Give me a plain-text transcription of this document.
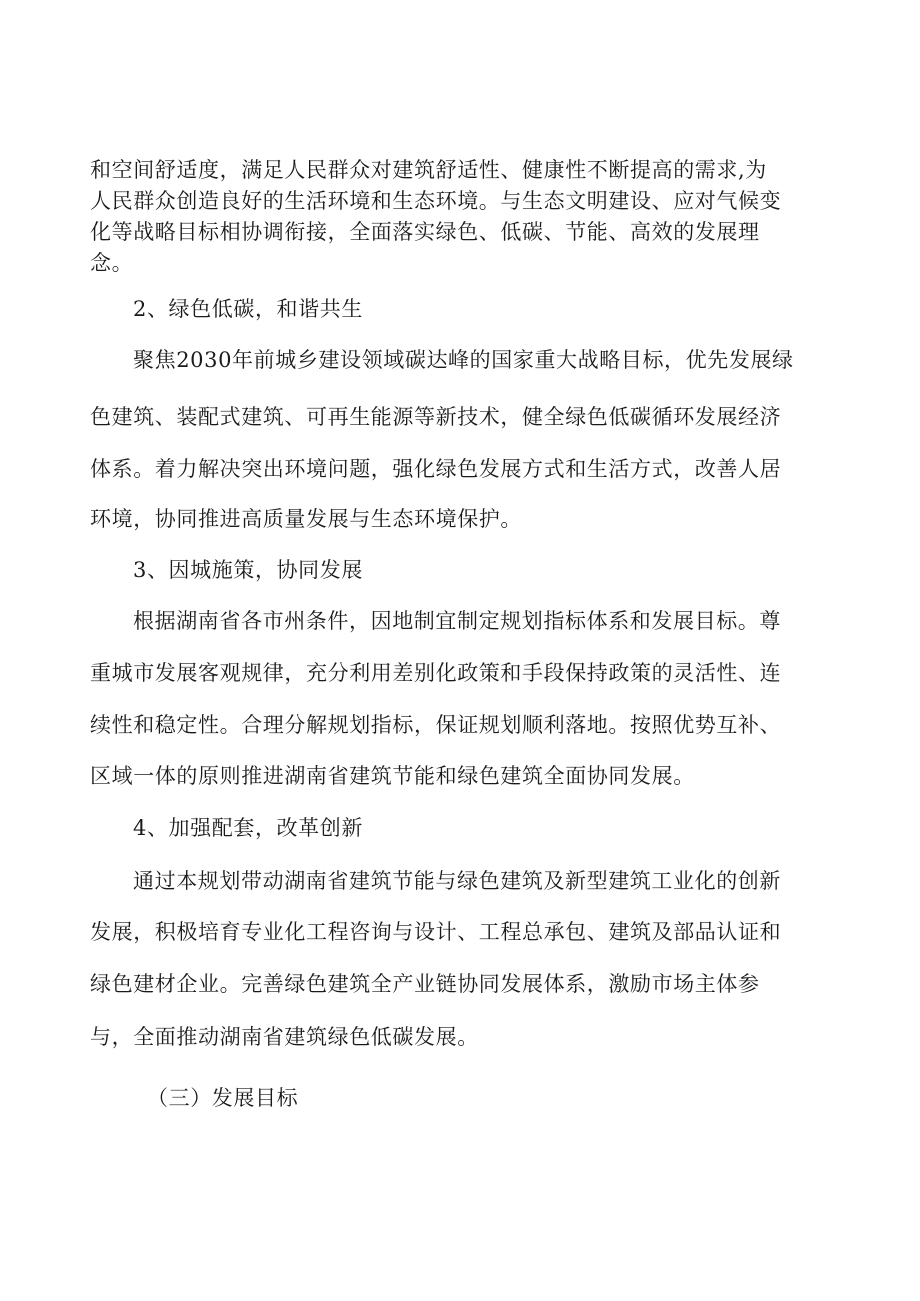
和空间舒适度，满足人民群众对建筑舒适性、健康性不断提高的需求,为
人民群众创造良好的生活环境和生态环境。与生态文明建设、应对气候变
化等战略目标相协调衔接，全面落实绿色、低碳、节能、高效的发展理
念。
2、绿色低碳，和谐共生
聚焦2030年前城乡建设领域碳达峰的国家重大战略目标，优先发展绿
色建筑、装配式建筑、可再生能源等新技术，健全绿色低碳循环发展经济
体系。着力解决突出环境问题，强化绿色发展方式和生活方式，改善人居
环境，协同推进高质量发展与生态环境保护。
3、因城施策，协同发展
根据湖南省各市州条件，因地制宜制定规划指标体系和发展目标。尊
重城市发展客观规律，充分利用差别化政策和手段保持政策的灵活性、连
续性和稳定性。合理分解规划指标，保证规划顺利落地。按照优势互补、
区域一体的原则推进湖南省建筑节能和绿色建筑全面协同发展。
4、加强配套，改革创新
通过本规划带动湖南省建筑节能与绿色建筑及新型建筑工业化的创新
发展，积极培育专业化工程咨询与设计、工程总承包、建筑及部品认证和
绿色建材企业。完善绿色建筑全产业链协同发展体系，激励市场主体参
与，全面推动湖南省建筑绿色低碳发展。
（三）发展目标
